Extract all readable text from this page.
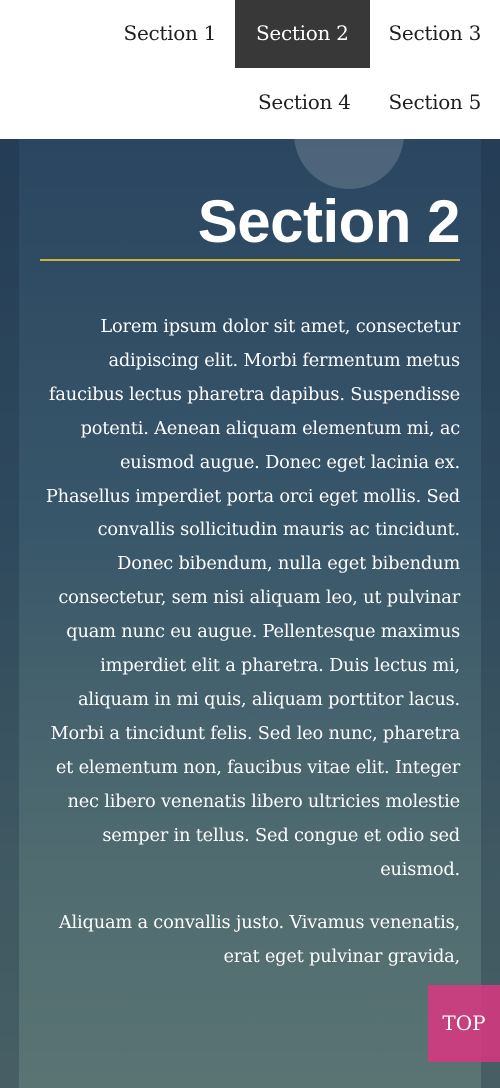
Section 1	Section 2	Section 3
Section 4	Section 5
Section 2

Lorem ipsum dolor sit amet, consectetur adipiscing elit. Morbi fermentum metus faucibus lectus pharetra dapibus. Suspendisse potenti. Aenean aliquam elementum mi, ac euismod augue. Donec eget lacinia ex. Phasellus imperdiet porta orci eget mollis. Sed convallis sollicitudin mauris ac tincidunt. Donec bibendum, nulla eget bibendum consectetur, sem nisi aliquam leo, ut pulvinar quam nunc eu augue. Pellentesque maximus imperdiet elit a pharetra. Duis lectus mi, aliquam in mi quis, aliquam porttitor lacus. Morbi a tincidunt felis. Sed leo nunc, pharetra et elementum non, faucibus vitae elit. Integer nec libero venenatis libero ultricies molestie semper in tellus. Sed congue et odio sed euismod.

Aliquam a convallis justo. Vivamus venenatis, erat eget pulvinar gravida,

TOP
